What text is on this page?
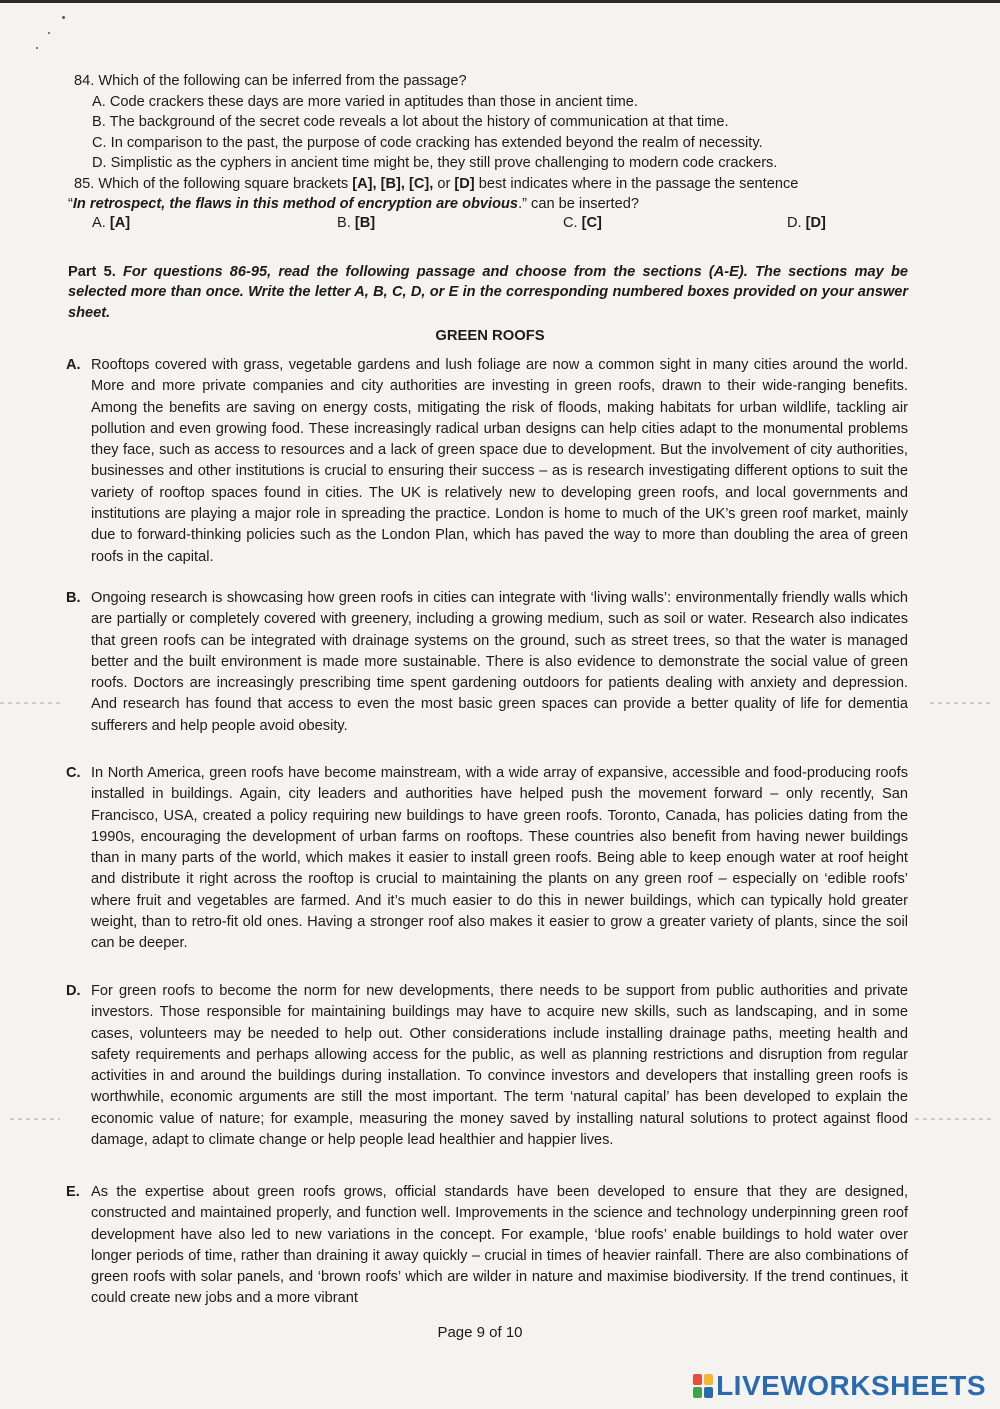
84. Which of the following can be inferred from the passage?
A. Code crackers these days are more varied in aptitudes than those in ancient time.
B. The background of the secret code reveals a lot about the history of communication at that time.
C. In comparison to the past, the purpose of code cracking has extended beyond the realm of necessity.
D. Simplistic as the cyphers in ancient time might be, they still prove challenging to modern code crackers.
85. Which of the following square brackets [A], [B], [C], or [D] best indicates where in the passage the sentence
“In retrospect, the flaws in this method of encryption are obvious.” can be inserted?
A. [A]	B. [B]	C. [C]	D. [D]
Part 5. For questions 86-95, read the following passage and choose from the sections (A-E). The sections may be selected more than once. Write the letter A, B, C, D, or E in the corresponding numbered boxes provided on your answer sheet.
GREEN ROOFS
A. Rooftops covered with grass, vegetable gardens and lush foliage are now a common sight in many cities around the world. More and more private companies and city authorities are investing in green roofs, drawn to their wide-ranging benefits. Among the benefits are saving on energy costs, mitigating the risk of floods, making habitats for urban wildlife, tackling air pollution and even growing food. These increasingly radical urban designs can help cities adapt to the monumental problems they face, such as access to resources and a lack of green space due to development. But the involvement of city authorities, businesses and other institutions is crucial to ensuring their success – as is research investigating different options to suit the variety of rooftop spaces found in cities. The UK is relatively new to developing green roofs, and local governments and institutions are playing a major role in spreading the practice. London is home to much of the UK’s green roof market, mainly due to forward-thinking policies such as the London Plan, which has paved the way to more than doubling the area of green roofs in the capital.
B. Ongoing research is showcasing how green roofs in cities can integrate with ‘living walls’: environmentally friendly walls which are partially or completely covered with greenery, including a growing medium, such as soil or water. Research also indicates that green roofs can be integrated with drainage systems on the ground, such as street trees, so that the water is managed better and the built environment is made more sustainable. There is also evidence to demonstrate the social value of green roofs. Doctors are increasingly prescribing time spent gardening outdoors for patients dealing with anxiety and depression. And research has found that access to even the most basic green spaces can provide a better quality of life for dementia sufferers and help people avoid obesity.
C. In North America, green roofs have become mainstream, with a wide array of expansive, accessible and food-producing roofs installed in buildings. Again, city leaders and authorities have helped push the movement forward – only recently, San Francisco, USA, created a policy requiring new buildings to have green roofs. Toronto, Canada, has policies dating from the 1990s, encouraging the development of urban farms on rooftops. These countries also benefit from having newer buildings than in many parts of the world, which makes it easier to install green roofs. Being able to keep enough water at roof height and distribute it right across the rooftop is crucial to maintaining the plants on any green roof – especially on ‘edible roofs’ where fruit and vegetables are farmed. And it’s much easier to do this in newer buildings, which can typically hold greater weight, than to retro-fit old ones. Having a stronger roof also makes it easier to grow a greater variety of plants, since the soil can be deeper.
D. For green roofs to become the norm for new developments, there needs to be support from public authorities and private investors. Those responsible for maintaining buildings may have to acquire new skills, such as landscaping, and in some cases, volunteers may be needed to help out. Other considerations include installing drainage paths, meeting health and safety requirements and perhaps allowing access for the public, as well as planning restrictions and disruption from regular activities in and around the buildings during installation. To convince investors and developers that installing green roofs is worthwhile, economic arguments are still the most important. The term ‘natural capital’ has been developed to explain the economic value of nature; for example, measuring the money saved by installing natural solutions to protect against flood damage, adapt to climate change or help people lead healthier and happier lives.
E. As the expertise about green roofs grows, official standards have been developed to ensure that they are designed, constructed and maintained properly, and function well. Improvements in the science and technology underpinning green roof development have also led to new variations in the concept. For example, ‘blue roofs’ enable buildings to hold water over longer periods of time, rather than draining it away quickly – crucial in times of heavier rainfall. There are also combinations of green roofs with solar panels, and ‘brown roofs’ which are wilder in nature and maximise biodiversity. If the trend continues, it could create new jobs and a more vibrant
Page 9 of 10
LIVEWORKSHEETS
